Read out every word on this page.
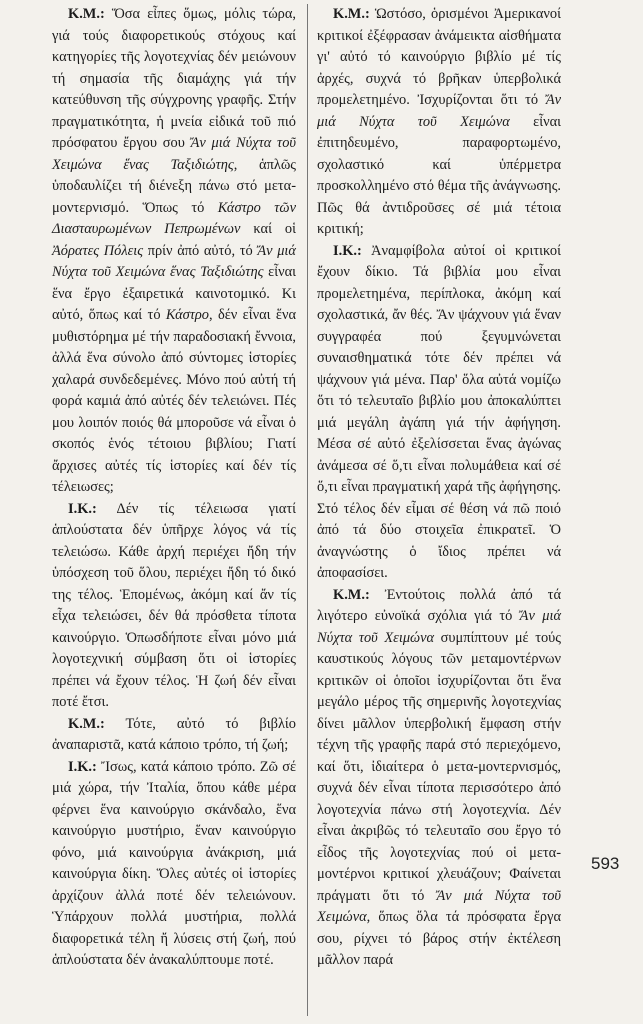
Κ.Μ.: Ὅσα εἶπες ὅμως, μόλις τώρα, γιά τούς διαφορετικούς στόχους καί κατηγορίες τῆς λογοτεχνίας δέν μειώνουν τή σημασία τῆς διαμάχης γιά τήν κατεύθυνση τῆς σύγχρονης γραφῆς. Στήν πραγματικότητα, ἡ μνεία εἰδικά τοῦ πιό πρόσφατου ἔργου σου Ἄν μιά Νύχτα τοῦ Χειμώνα ἕνας Ταξιδιώτης, ἁπλῶς ὑποδαυλίζει τή διένεξη πάνω στό μετα-μοντερνισμό. Ὅπως τό Κάστρο τῶν Διασταυρωμένων Πεπρωμένων καί οἱ Ἀόρατες Πόλεις πρίν ἀπό αὐτό, τό Ἄν μιά Νύχτα τοῦ Χειμώνα ἕνας Ταξιδιώτης εἶναι ἕνα ἔργο ἐξαιρετικά καινοτομικό. Κι αὐτό, ὅπως καί τό Κάστρο, δέν εἶναι ἕνα μυθιστόρημα μέ τήν παραδοσιακή ἔννοια, ἀλλά ἕνα σύνολο ἀπό σύντομες ἱστορίες χαλαρά συνδεδεμένες. Μόνο πού αὐτή τή φορά καμιά ἀπό αὐτές δέν τελειώνει. Πές μου λοιπόν ποιός θά μποροῦσε νά εἶναι ὁ σκοπός ἑνός τέτοιου βιβλίου; Γιατί ἄρχισες αὐτές τίς ἱστορίες καί δέν τίς τέλειωσες;

Ι.Κ.: Δέν τίς τέλειωσα γιατί ἁπλούστατα δέν ὑπῆρχε λόγος νά τίς τελειώσω. Κάθε ἀρχή περιέχει ἤδη τήν ὑπόσχεση τοῦ ὅλου, περιέχει ἤδη τό δικό της τέλος. Ἑπομένως, ἀκόμη καί ἄν τίς εἶχα τελειώσει, δέν θά πρόσθετα τίποτα καινούργιο. Ὁπωσδήποτε εἶναι μόνο μιά λογοτεχνική σύμβαση ὅτι οἱ ἱστορίες πρέπει νά ἔχουν τέλος. Ἡ ζωή δέν εἶναι ποτέ ἔτσι.

Κ.Μ.: Τότε, αὐτό τό βιβλίο ἀναπαριστᾶ, κατά κάποιο τρόπο, τή ζωή;

Ι.Κ.: Ἴσως, κατά κάποιο τρόπο. Ζῶ σέ μιά χώρα, τήν Ἰταλία, ὅπου κάθε μέρα φέρνει ἕνα καινούργιο σκάνδαλο, ἕνα καινούργιο μυστήριο, ἕναν καινούργιο φόνο, μιά καινούργια ἀνάκριση, μιά καινούργια δίκη. Ὅλες αὐτές οἱ ἱστορίες ἀρχίζουν ἀλλά ποτέ δέν τελειώνουν. Ὑπάρχουν πολλά μυστήρια, πολλά διαφορετικά τέλη ἤ λύσεις στή ζωή, πού ἁπλούστατα δέν ἀνακαλύπτουμε ποτέ.

Κ.Μ.: Ὡστόσο, ὁρισμένοι Ἀμερικανοί κριτικοί ἐξέφρασαν ἀνάμεικτα αἰσθήματα γι' αὐτό τό καινούργιο βιβλίο μέ τίς ἀρχές, συχνά τό βρῆκαν ὑπερβολικά προμελετημένο. Ἰσχυρίζονται ὅτι τό Ἄν μιά Νύχτα τοῦ Χειμώνα εἶναι ἐπιτηδευμένο, παραφορτωμένο, σχολαστικό καί ὑπέρμετρα προσκολλημένο στό θέμα τῆς ἀνάγνωσης. Πῶς θά ἀντιδροῦσες σέ μιά τέτοια κριτική;

Ι.Κ.: Ἀναμφίβολα αὐτοί οἱ κριτικοί ἔχουν δίκιο. Τά βιβλία μου εἶναι προμελετημένα, περίπλοκα, ἀκόμη καί σχολαστικά, ἄν θές. Ἄν ψάχνουν γιά ἕναν συγγραφέα πού ξεγυμνώνεται συναισθηματικά τότε δέν πρέπει νά ψάχνουν γιά μένα. Παρ' ὅλα αὐτά νομίζω ὅτι τό τελευταῖο βιβλίο μου ἀποκαλύπτει μιά μεγάλη ἀγάπη γιά τήν ἀφήγηση. Μέσα σέ αὐτό ἐξελίσσεται ἕνας ἀγώνας ἀνάμεσα σέ ὅ,τι εἶναι πολυμάθεια καί σέ ὅ,τι εἶναι πραγματική χαρά τῆς ἀφήγησης. Στό τέλος δέν εἶμαι σέ θέση νά πῶ ποιό ἀπό τά δύο στοιχεῖα ἐπικρατεῖ. Ὁ ἀναγνώστης ὁ ἴδιος πρέπει νά ἀποφασίσει.

Κ.Μ.: Ἐντούτοις πολλά ἀπό τά λιγότερο εὐνοϊκά σχόλια γιά τό Ἄν μιά Νύχτα τοῦ Χειμώνα συμπίπτουν μέ τούς καυστικούς λόγους τῶν μεταμοντέρνων κριτικῶν οἱ ὁποῖοι ἰσχυρίζονται ὅτι ἕνα μεγάλο μέρος τῆς σημερινῆς λογοτεχνίας δίνει μᾶλλον ὑπερβολική ἔμφαση στήν τέχνη τῆς γραφῆς παρά στό περιεχόμενο, καί ὅτι, ἰδιαίτερα ὁ μετα-μοντερνισμός, συχνά δέν εἶναι τίποτα περισσότερο ἀπό λογοτεχνία πάνω στή λογοτεχνία. Δέν εἶναι ἀκριβῶς τό τελευταῖο σου ἔργο τό εἶδος τῆς λογοτεχνίας πού οἱ μετα-μοντέρνοι κριτικοί χλευάζουν; Φαίνεται πράγματι ὅτι τό Ἄν μιά Νύχτα τοῦ Χειμώνα, ὅπως ὅλα τά πρόσφατα ἔργα σου, ρίχνει τό βάρος στήν ἐκτέλεση μᾶλλον παρά

593
